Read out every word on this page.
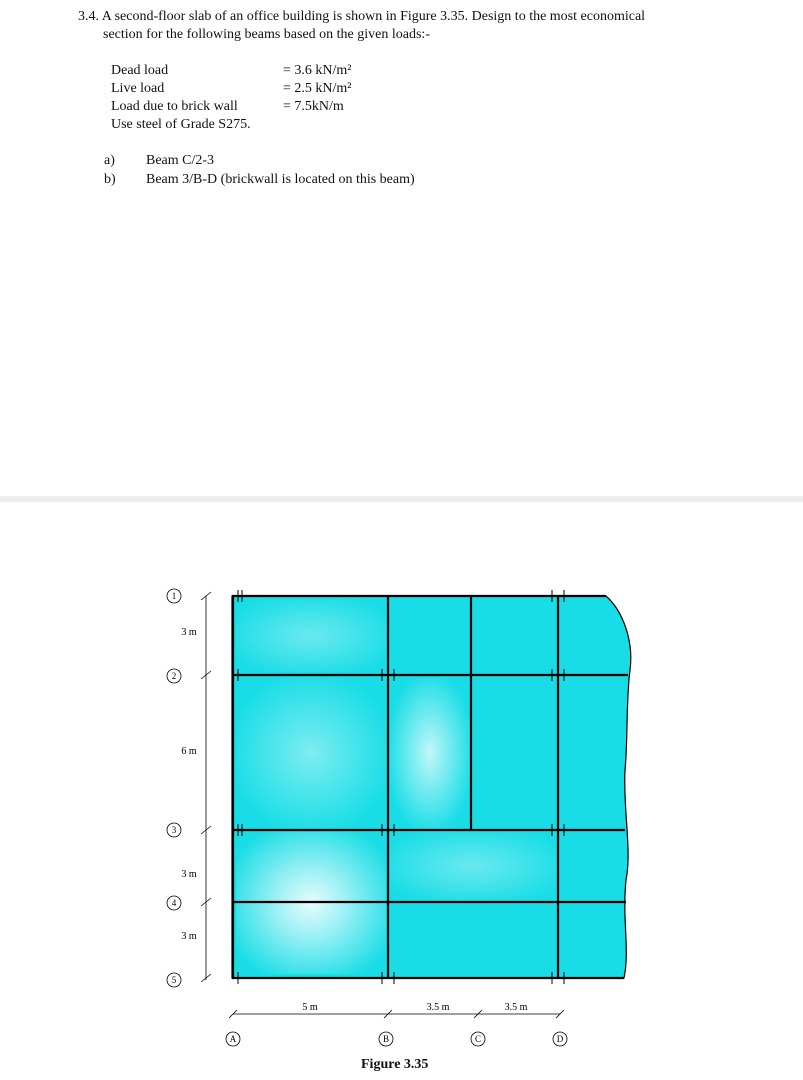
3.4. A second-floor slab of an office building is shown in Figure 3.35. Design to the most economical
section for the following beams based on the given loads:-
Dead load	= 3.6 kN/m²
Live load	= 2.5 kN/m²
Load due to brick wall	= 7.5kN/m
Use steel of Grade S275.
a) Beam C/2-3
b) Beam 3/B-D (brickwall is located on this beam)
1
2
3
4
5
3 m
6 m
3 m
3 m
5 m	3.5 m	3.5 m
A	B	C	D
Figure 3.35
